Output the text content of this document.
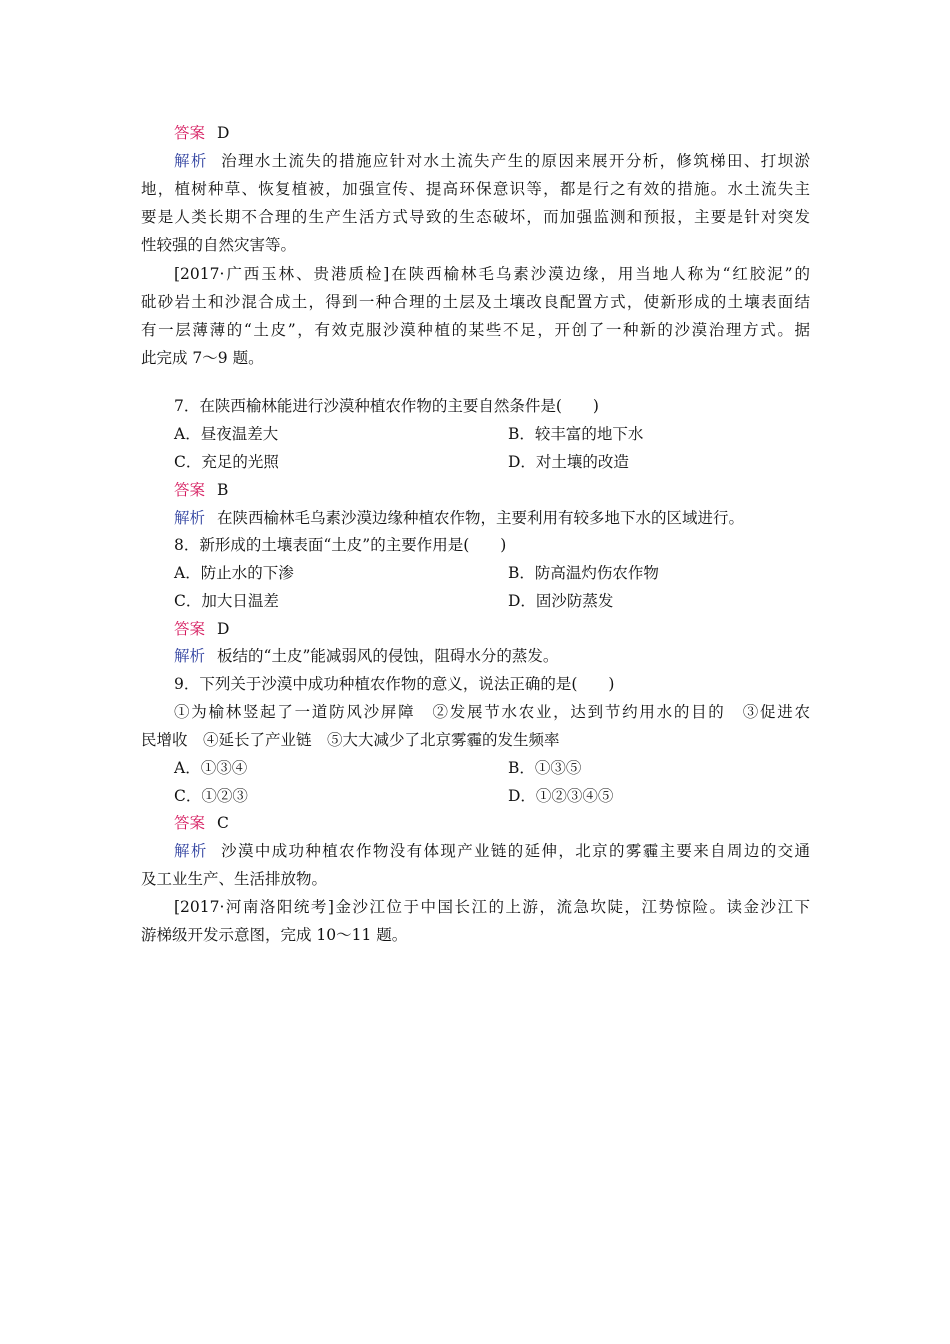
答案 D
解析 治理水土流失的措施应针对水土流失产生的原因来展开分析，修筑梯田、打坝淤
地，植树种草、恢复植被，加强宣传、提高环保意识等，都是行之有效的措施。水土流失主
要是人类长期不合理的生产生活方式导致的生态破坏，而加强监测和预报，主要是针对突发
性较强的自然灾害等。
[2017·广西玉林、贵港质检]在陕西榆林毛乌素沙漠边缘，用当地人称为“红胶泥”的
砒砂岩土和沙混合成土，得到一种合理的土层及土壤改良配置方式，使新形成的土壤表面结
有一层薄薄的“土皮”，有效克服沙漠种植的某些不足，开创了一种新的沙漠治理方式。据
此完成 7～9 题。
7．在陕西榆林能进行沙漠种植农作物的主要自然条件是(　　)
A．昼夜温差大	B．较丰富的地下水
C．充足的光照	D．对土壤的改造
答案 B
解析 在陕西榆林毛乌素沙漠边缘种植农作物，主要利用有较多地下水的区域进行。
8．新形成的土壤表面“土皮”的主要作用是(　　)
A．防止水的下渗	B．防高温灼伤农作物
C．加大日温差	D．固沙防蒸发
答案 D
解析 板结的“土皮”能减弱风的侵蚀，阻碍水分的蒸发。
9．下列关于沙漠中成功种植农作物的意义，说法正确的是(　　)
①为榆林竖起了一道防风沙屏障　②发展节水农业，达到节约用水的目的　③促进农
民增收　④延长了产业链　⑤大大减少了北京雾霾的发生频率
A．①③④	B．①③⑤
C．①②③	D．①②③④⑤
答案 C
解析 沙漠中成功种植农作物没有体现产业链的延伸，北京的雾霾主要来自周边的交通
及工业生产、生活排放物。
[2017·河南洛阳统考]金沙江位于中国长江的上游，流急坎陡，江势惊险。读金沙江下
游梯级开发示意图，完成 10～11 题。
